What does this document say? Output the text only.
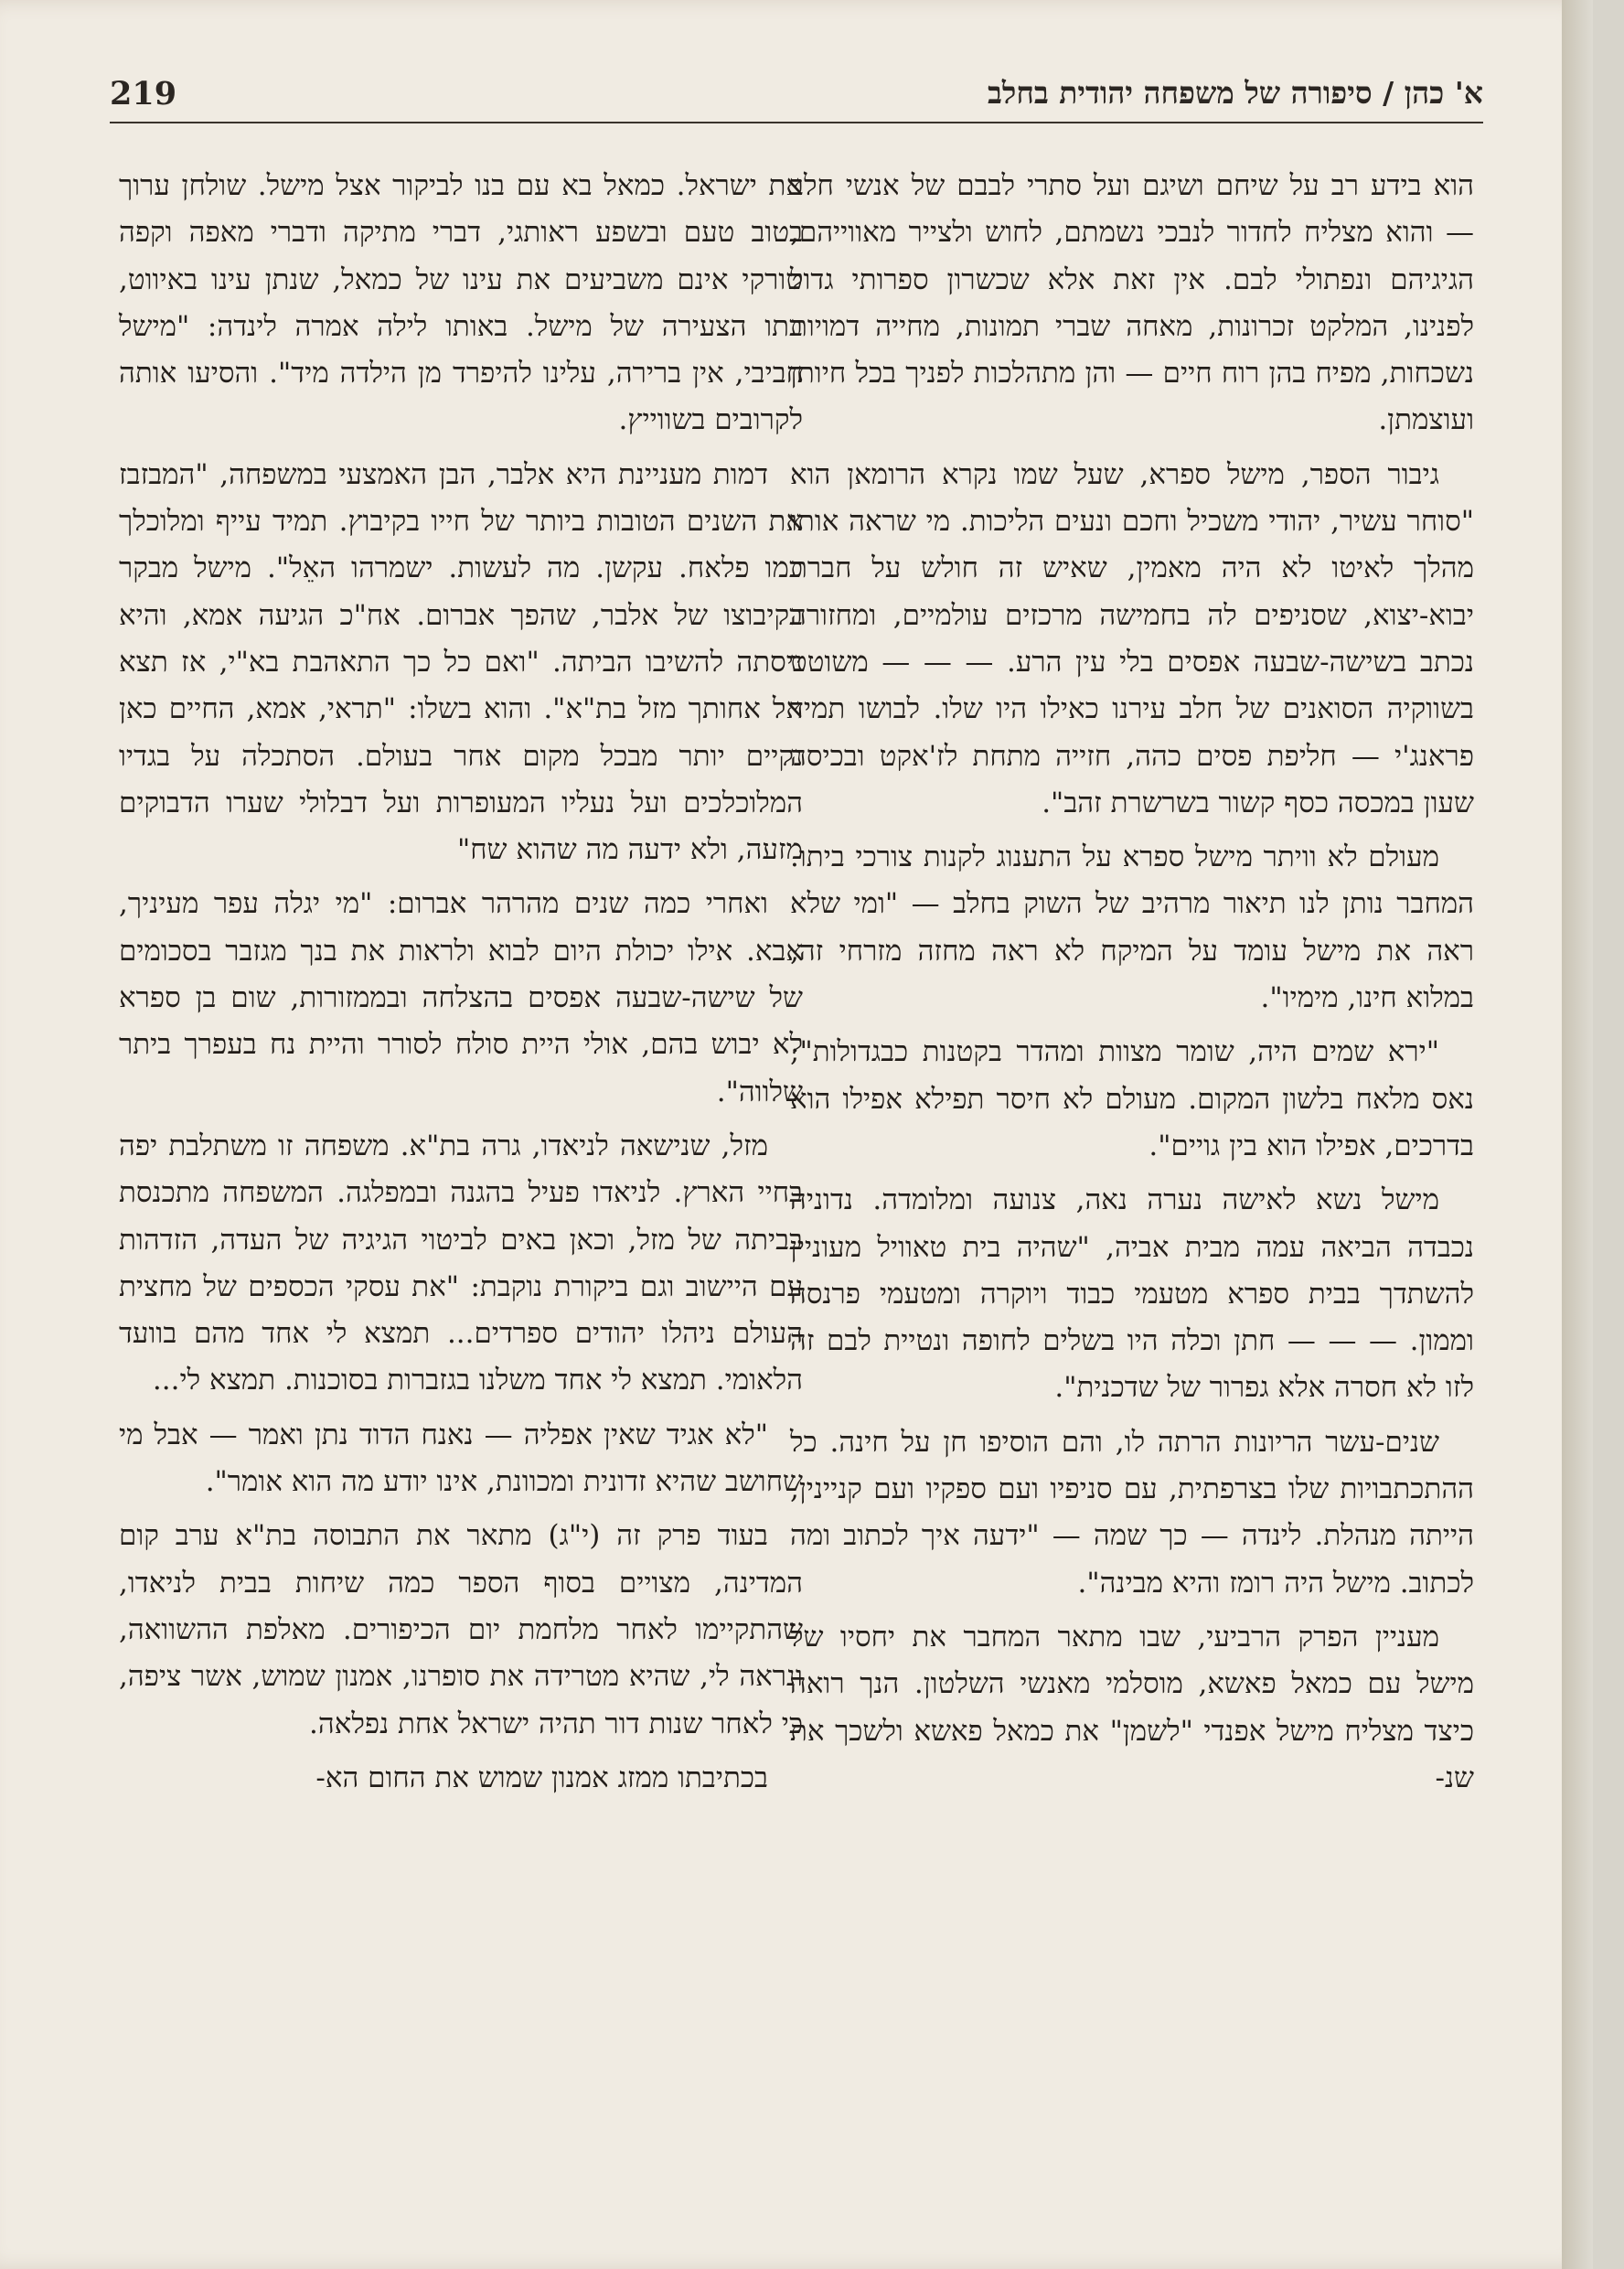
א' כהן / סיפורה של משפחה יהודית בחלב
219

הוא בידע רב על שיחם ושיגם ועל סתרי לבבם של אנשי חלב — והוא מצליח לחדור לנבכי נשמתם, לחוש ולצייר מאווייהם, הגיגיהם ונפתולי לבם. אין זאת אלא שכשרון ספרותי גדול לפנינו, המלקט זכרונות, מאחה שברי תמונות, מחייה דמויות נשכחות, מפיח בהן רוח חיים — והן מתהלכות לפניך בכל חיותן ועוצמתן.

גיבור הספר, מישל ספרא, שעל שמו נקרא הרומאן הוא "סוחר עשיר, יהודי משכיל וחכם ונעים הליכות. מי שראה אותו מהלך לאיטו לא היה מאמין, שאיש זה חולש על חברת יבוא-יצוא, שסניפים לה בחמישה מרכזים עולמיים, ומחזורה נכתב בשישה-שבעה אפסים בלי עין הרע. — — — משוטט בשווקיה הסואנים של חלב עירנו כאילו היו שלו. לבושו תמיד פראנג'י — חליפת פסים כהה, חזייה מתחת לז'אקט ובכיסה שעון במכסה כסף קשור בשרשרת זהב".

מעולם לא וויתר מישל ספרא על התענוג לקנות צורכי ביתו. המחבר נותן לנו תיאור מרהיב של השוק בחלב — "ומי שלא ראה את מישל עומד על המיקח לא ראה מחזה מזרחי זה, במלוא חינו, מימיו".

"ירא שמים היה, שומר מצוות ומהדר בקטנות כבגדולות"; נאס מלאח בלשון המקום. מעולם לא חיסר תפילא אפילו הוא בדרכים, אפילו הוא בין גויים".

מישל נשא לאישה נערה נאה, צנועה ומלומדה. נדוניה נכבדה הביאה עמה מבית אביה, "שהיה בית טאוויל מעוניין להשתדך בבית ספרא מטעמי כבוד ויוקרה ומטעמי פרנסה וממון. — — — חתן וכלה היו בשלים לחופה ונטיית לבם זה לזו לא חסרה אלא גפרור של שדכנית".

שנים-עשר הריונות הרתה לו, והם הוסיפו חן על חינה. כל ההתכתבויות שלו בצרפתית, עם סניפיו ועם ספקיו ועם קניינין, הייתה מנהלת. לינדה — כך שמה — "ידעה איך לכתוב ומה לכתוב. מישל היה רומז והיא מבינה".

מעניין הפרק הרביעי, שבו מתאר המחבר את יחסיו של מישל עם כמאל פאשא, מוסלמי מאנשי השלטון. הנך רואה כיצד מצליח מישל אפנדי "לשמן" את כמאל פאשא ולשכך את שנ-

את ישראל. כמאל בא עם בנו לביקור אצל מישל. שולחן ערוך בטוב טעם ובשפע ראותגי, דברי מתיקה ודברי מאפה וקפה טורקי אינם משביעים את עינו של כמאל, שנתן עינו באיווט, בתו הצעירה של מישל. באותו לילה אמרה לינדה: "מישל חביבי, אין ברירה, עלינו להיפרד מן הילדה מיד". והסיעו אותה לקרובים בשווייץ.

דמות מעניינת היא אלבר, הבן האמצעי במשפחה, "המבזבז את השנים הטובות ביותר של חייו בקיבוץ. תמיד עייף ומלוכלך כמו פלאח. עקשן. מה לעשות. ישמרהו האֵל". מישל מבקר בקיבוצו של אלבר, שהפך אברום. אח"כ הגיעה אמא, והיא ניסתה להשיבו הביתה. "ואם כל כך התאהבת בא"י, אז תצא אל אחותך מזל בת"א". והוא בשלו: "תראי, אמא, החיים כאן נקיים יותר מבכל מקום אחר בעולם. הסתכלה על בגדיו המלוכלכים ועל נעליו המעופרות ועל דבלולי שערו הדבוקים מזעה, ולא ידעה מה שהוא שח"

ואחרי כמה שנים מהרהר אברום: "מי יגלה עפר מעיניך, אבא. אילו יכולת היום לבוא ולראות את בנך מגזבר בסכומים של שישה-שבעה אפסים בהצלחה ובממזורות, שום בן ספרא לא יבוש בהם, אולי היית סולח לסורר והיית נח בעפרך ביתר שלווה".

מזל, שנישאה לניאדו, גרה בת"א. משפחה זו משתלבת יפה בחיי הארץ. לניאדו פעיל בהגנה ובמפלגה. המשפחה מתכנסת בביתה של מזל, וכאן באים לביטוי הגיגיה של העדה, הזדהות עם היישוב וגם ביקורת נוקבת: "את עסקי הכספים של מחצית העולם ניהלו יהודים ספרדים... תמצא לי אחד מהם בוועד הלאומי. תמצא לי אחד משלנו בגזברות בסוכנות. תמצא לי...

"לא אגיד שאין אפליה — נאנח הדוד נתן ואמר — אבל מי שחושב שהיא זדונית ומכוונת, אינו יודע מה הוא אומר".

בעוד פרק זה (י"ג) מתאר את התבוסה בת"א ערב קום המדינה, מצויים בסוף הספר כמה שיחות בבית לניאדו, שהתקיימו לאחר מלחמת יום הכיפורים. מאלפת ההשוואה, ונראה לי, שהיא מטרידה את סופרנו, אמנון שמוש, אשר ציפה, כי לאחר שנות דור תהיה ישראל אחת נפלאה.

בכתיבתו ממזג אמנון שמוש את החום הא-
